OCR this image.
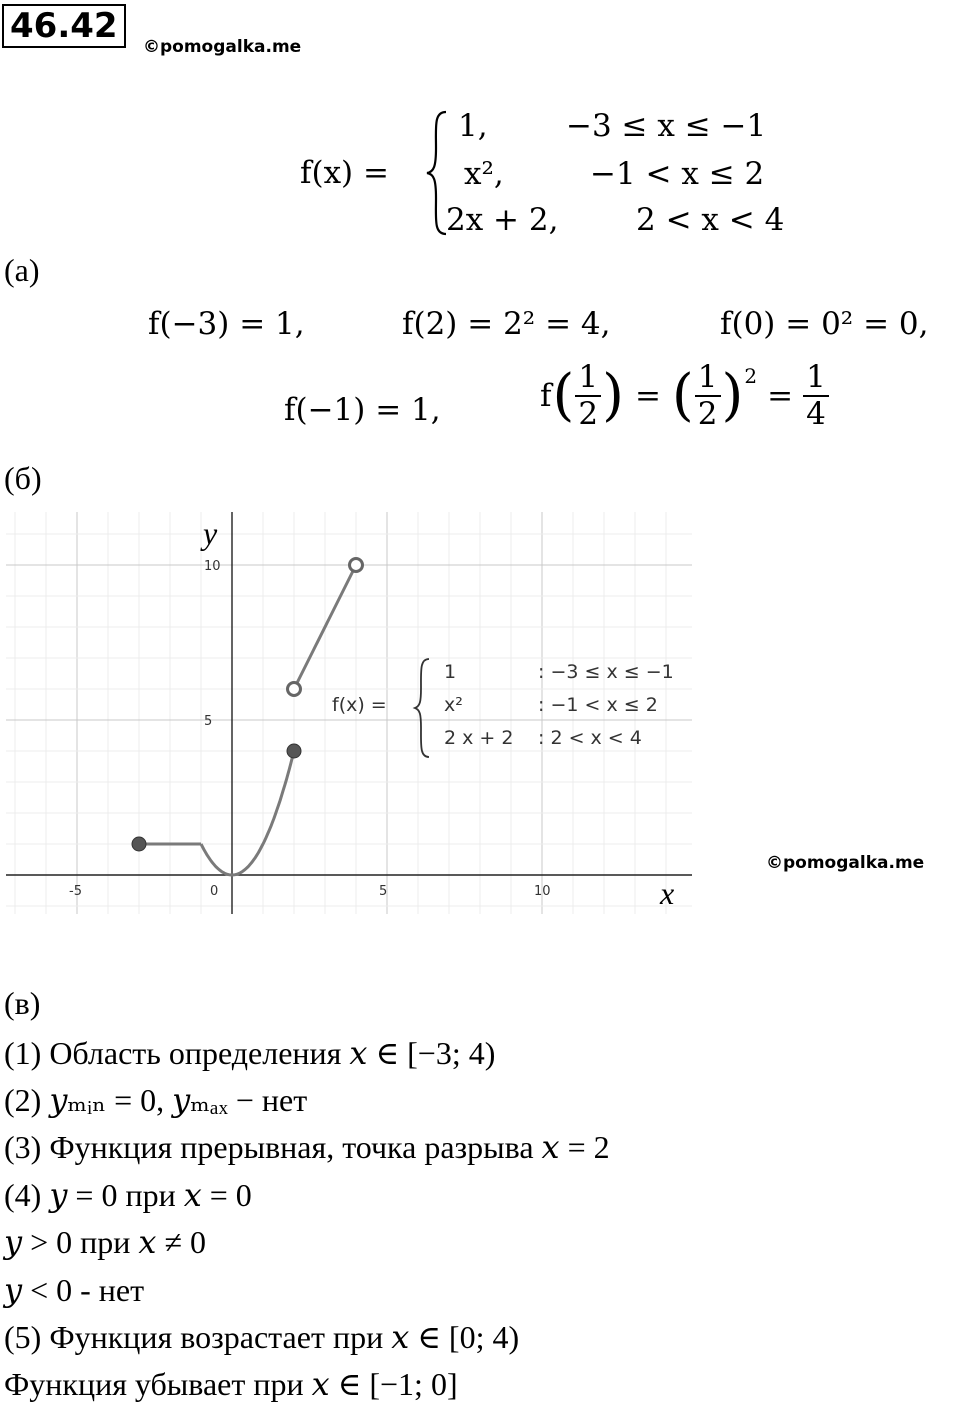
46.42
©pomogalka.me
f(x) =
1,	−3 ≤ x ≤ −1
x²,	−1 < x ≤ 2
2x + 2,	2 < x < 4
(а)
f(−3) = 1,	f(2) = 2² = 4,	f(0) = 0² = 0,
f(−1) = 1,	f ( $\frac{1}{2}$ ) = ( $\frac{1}{2}$ ) 2
= $\frac{1}{4}$
(б)
-5	0	5	10
5
10
y
x
f(x) =
1	: −3 ≤ x ≤ −1
x²	: −1 < x ≤ 2
2 x + 2 : 2 < x < 4
©pomogalka.me
(в)
(1) Область определения 𝑥 ∈ [−3; 4)
(2) 𝑦ₘᵢₙ = 0, 𝑦ₘₐₓ − нет
(3) Функция прерывная, точка разрыва 𝑥 = 2
(4) 𝑦 = 0 при 𝑥 = 0
𝑦 > 0 при 𝑥 ≠ 0
𝑦 < 0 - нет
(5) Функция возрастает при 𝑥 ∈ [0; 4)
Функция убывает при 𝑥 ∈ [−1; 0]
